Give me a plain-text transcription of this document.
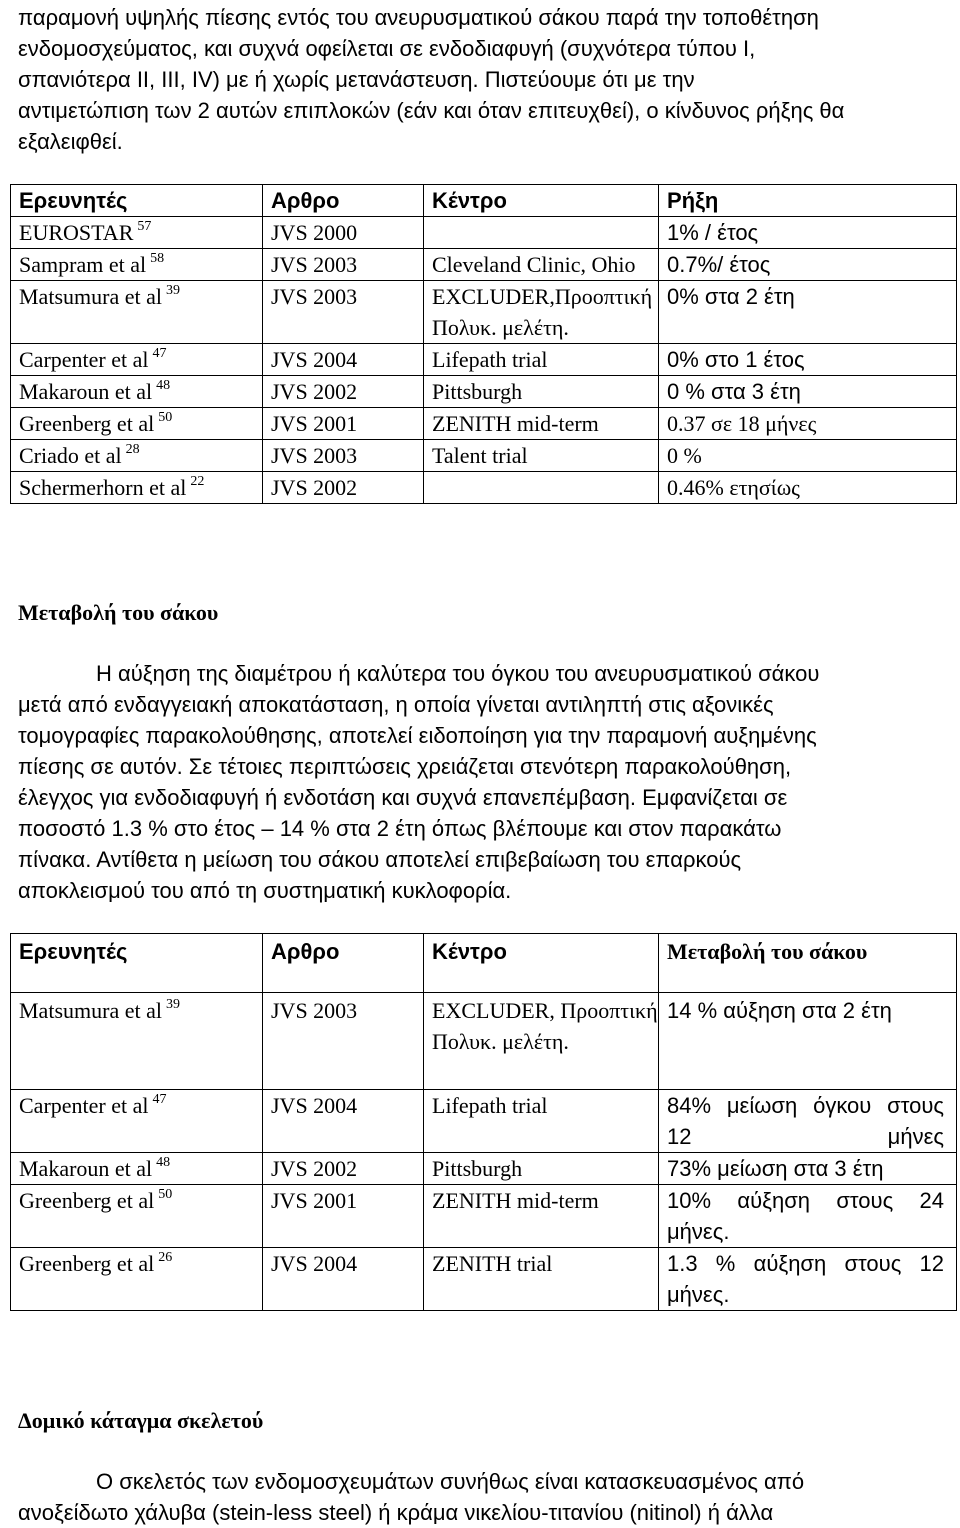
παραμονή υψηλής πίεσης εντός του ανευρυσματικού σάκου παρά την τοποθέτηση

ενδομοσχεύματος, και συχνά οφείλεται σε ενδοδιαφυγή (συχνότερα τύπου Ι,

σπανιότερα ΙΙ, ΙΙΙ, ΙV) με ή χωρίς μετανάστευση. Πιστεύουμε ότι με την

αντιμετώπιση των 2 αυτών επιπλοκών (εάν και όταν επιτευχθεί), ο κίνδυνος ρήξης θα

εξαλειφθεί.

Ερευνητές	Αρθρο	Κέντρο	Ρήξη
EUROSTAR $^{57}$	JVS 2000		1% / έτος
Sampram et al $^{58}$	JVS 2003	Cleveland Clinic, Ohio	0.7%/ έτος
Matsumura et al $^{39}$	JVS 2003	EXCLUDER,Προοπτική Πολυκ. μελέτη.	0% στα 2 έτη
Carpenter et al $^{47}$	JVS 2004	Lifepath trial	0% στο 1 έτος
Makaroun et al $^{48}$	JVS 2002	Pittsburgh	0 % στα 3 έτη
Greenberg et al $^{50}$	JVS 2001	ZENITH mid-term	0.37 σε 18 μήνες
Criado et al $^{28}$	JVS 2003	Talent trial	0 %
Schermerhorn et al $^{22}$	JVS 2002		0.46% ετησίως
Μεταβολή του σάκου

Η αύξηση της διαμέτρου ή καλύτερα του όγκου του ανευρυσματικού σάκου

μετά από ενδαγγειακή αποκατάσταση, η οποία γίνεται αντιληπτή στις αξονικές

τομογραφίες παρακολούθησης, αποτελεί ειδοποίηση για την παραμονή αυξημένης

πίεσης σε αυτόν. Σε τέτοιες περιπτώσεις χρειάζεται στενότερη παρακολούθηση,

έλεγχος για ενδοδιαφυγή ή ενδοτάση και συχνά επανεπέμβαση. Εμφανίζεται σε

ποσοστό 1.3 % στο έτος – 14 % στα 2 έτη όπως βλέπουμε και στον παρακάτω

πίνακα. Αντίθετα η μείωση του σάκου αποτελεί επιβεβαίωση του επαρκούς

αποκλεισμού του από τη συστηματική κυκλοφορία.

Ερευνητές	Αρθρο	Κέντρο	Μεταβολή του σάκου
Matsumura et al $^{39}$	JVS 2003	EXCLUDER, Προοπτική Πολυκ. μελέτη.	14 % αύξηση στα 2 έτη
Carpenter et al $^{47}$	JVS 2004	Lifepath trial	84% μείωση όγκου στους 12 μήνες
Makaroun et al $^{48}$	JVS 2002	Pittsburgh	73% μείωση στα 3 έτη
Greenberg et al $^{50}$	JVS 2001	ZENITH mid-term	10% αύξηση στους 24 μήνες.
Greenberg et al $^{26}$	JVS 2004	ZENITH trial	1.3 % αύξηση στους 12 μήνες.
Δομικό κάταγμα σκελετού

Ο σκελετός των ενδομοσχευμάτων συνήθως είναι κατασκευασμένος από

ανοξείδωτο χάλυβα (stein-less steel) ή κράμα νικελίου-τιτανίου (nitinol) ή άλλα
